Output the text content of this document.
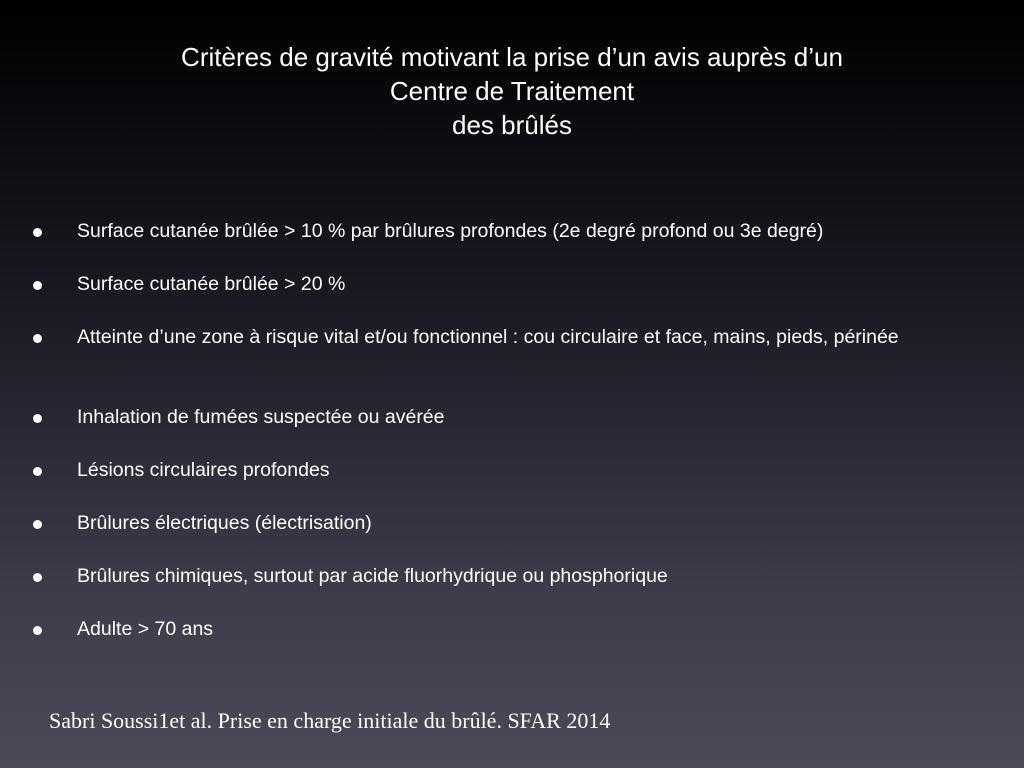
Critères de gravité motivant la prise d’un avis auprès d’un
Centre de Traitement
des brûlés
Surface cutanée brûlée > 10 % par brûlures profondes (2e degré profond ou 3e degré)
Surface cutanée brûlée > 20 %
Atteinte d’une zone à risque vital et/ou fonctionnel : cou circulaire et face, mains, pieds, périnée
Inhalation de fumées suspectée ou avérée
Lésions circulaires profondes
Brûlures électriques (électrisation)
Brûlures chimiques, surtout par acide fluorhydrique ou phosphorique
Adulte > 70 ans
Sabri Soussi1et al. Prise en charge initiale du brûlé. SFAR 2014
